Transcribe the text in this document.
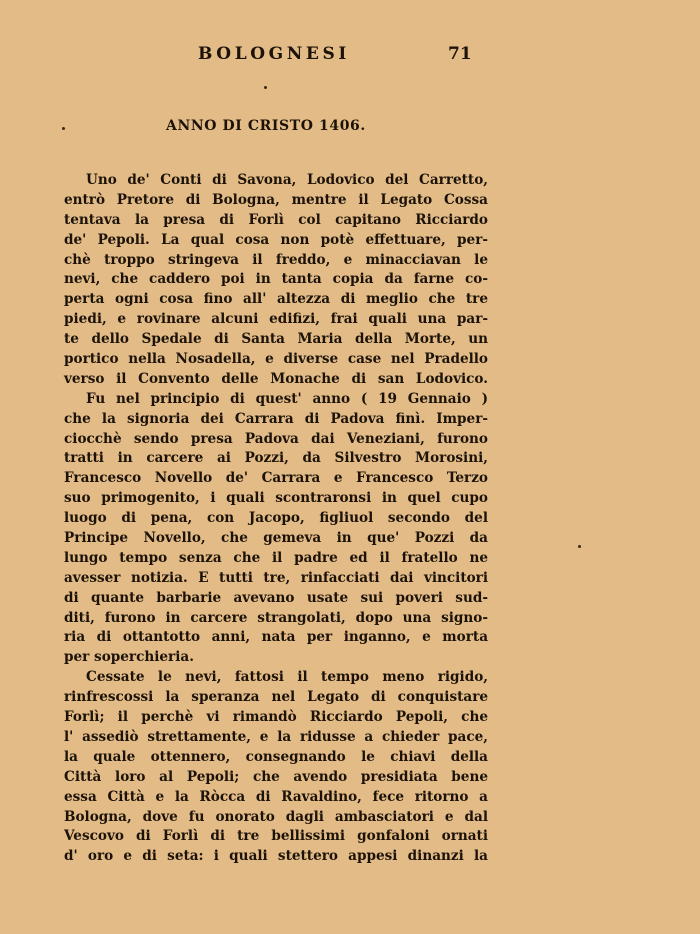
BOLOGNESI	71
ANNO DI CRISTO 1406.
Uno de' Conti di Savona, Lodovico del Carretto,
entrò Pretore di Bologna, mentre il Legato Cossa
tentava la presa di Forlì col capitano Ricciardo
de' Pepoli. La qual cosa non potè effettuare, per-
chè troppo stringeva il freddo, e minacciavan le
nevi, che caddero poi in tanta copia da farne co-
perta ogni cosa fino all' altezza di meglio che tre
piedi, e rovinare alcuni edifizi, frai quali una par-
te dello Spedale di Santa Maria della Morte, un
portico nella Nosadella, e diverse case nel Pradello
verso il Convento delle Monache di san Lodovico.
Fu nel principio di quest' anno ( 19 Gennaio )
che la signoria dei Carrara di Padova finì. Imper-
ciocchè sendo presa Padova dai Veneziani, furono
tratti in carcere ai Pozzi, da Silvestro Morosini,
Francesco Novello de' Carrara e Francesco Terzo
suo primogenito, i quali scontraronsi in quel cupo
luogo di pena, con Jacopo, figliuol secondo del
Principe Novello, che gemeva in que' Pozzi da
lungo tempo senza che il padre ed il fratello ne
avesser notizia. E tutti tre, rinfacciati dai vincitori
di quante barbarie avevano usate sui poveri sud-
diti, furono in carcere strangolati, dopo una signo-
ria di ottantotto anni, nata per inganno, e morta
per soperchieria.
Cessate le nevi, fattosi il tempo meno rigido,
rinfrescossi la speranza nel Legato di conquistare
Forlì; il perchè vi rimandò Ricciardo Pepoli, che
l' assediò strettamente, e la ridusse a chieder pace,
la quale ottennero, consegnando le chiavi della
Città loro al Pepoli; che avendo presidiata bene
essa Città e la Ròcca di Ravaldino, fece ritorno a
Bologna, dove fu onorato dagli ambasciatori e dal
Vescovo di Forlì di tre bellissimi gonfaloni ornati
d' oro e di seta: i quali stettero appesi dinanzi la
